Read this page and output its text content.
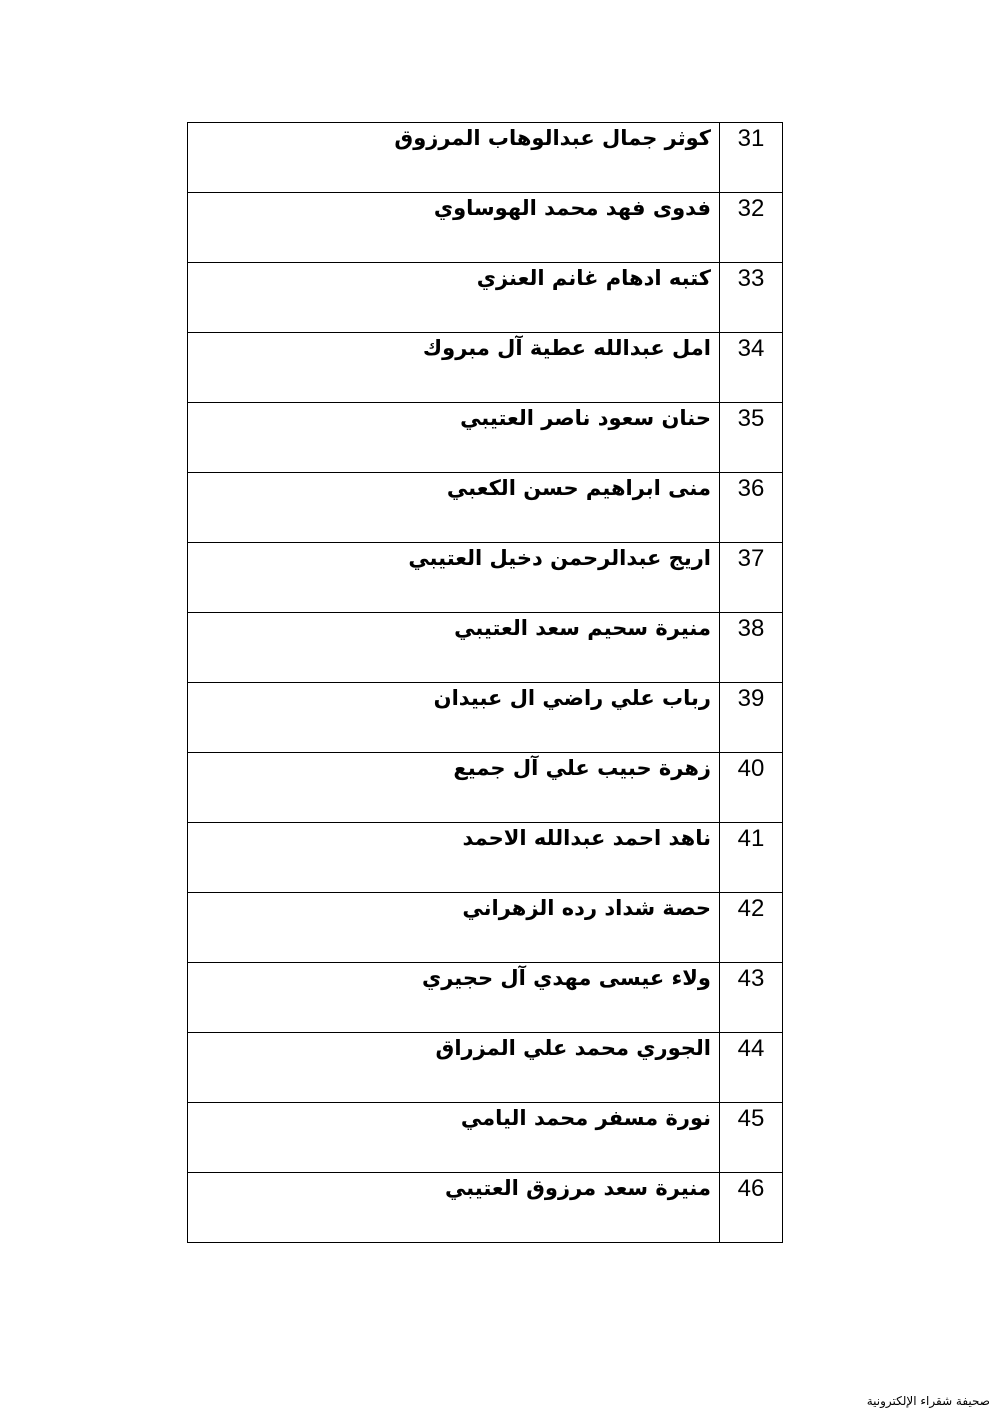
31	كوثر جمال عبدالوهاب المرزوق

32	فدوى فهد محمد الهوساوي

33	كتبه ادهام غانم العنزي

34	امل عبدالله عطية آل مبروك

35	حنان سعود ناصر العتيبي

36	منى ابراهيم حسن الكعبي

37	اريج عبدالرحمن دخيل العتيبي

38	منيرة سحيم سعد العتيبي

39	رباب علي راضي ال عبيدان

40	زهرة حبيب علي آل جميع

41	ناهد احمد عبدالله الاحمد

42	حصة شداد رده الزهراني

43	ولاء عيسى مهدي آل حجيري

44	الجوري محمد علي المزراق

45	نورة مسفر محمد اليامي

46	منيرة سعد مرزوق العتيبي
صحيفة شقراء الإلكترونية
